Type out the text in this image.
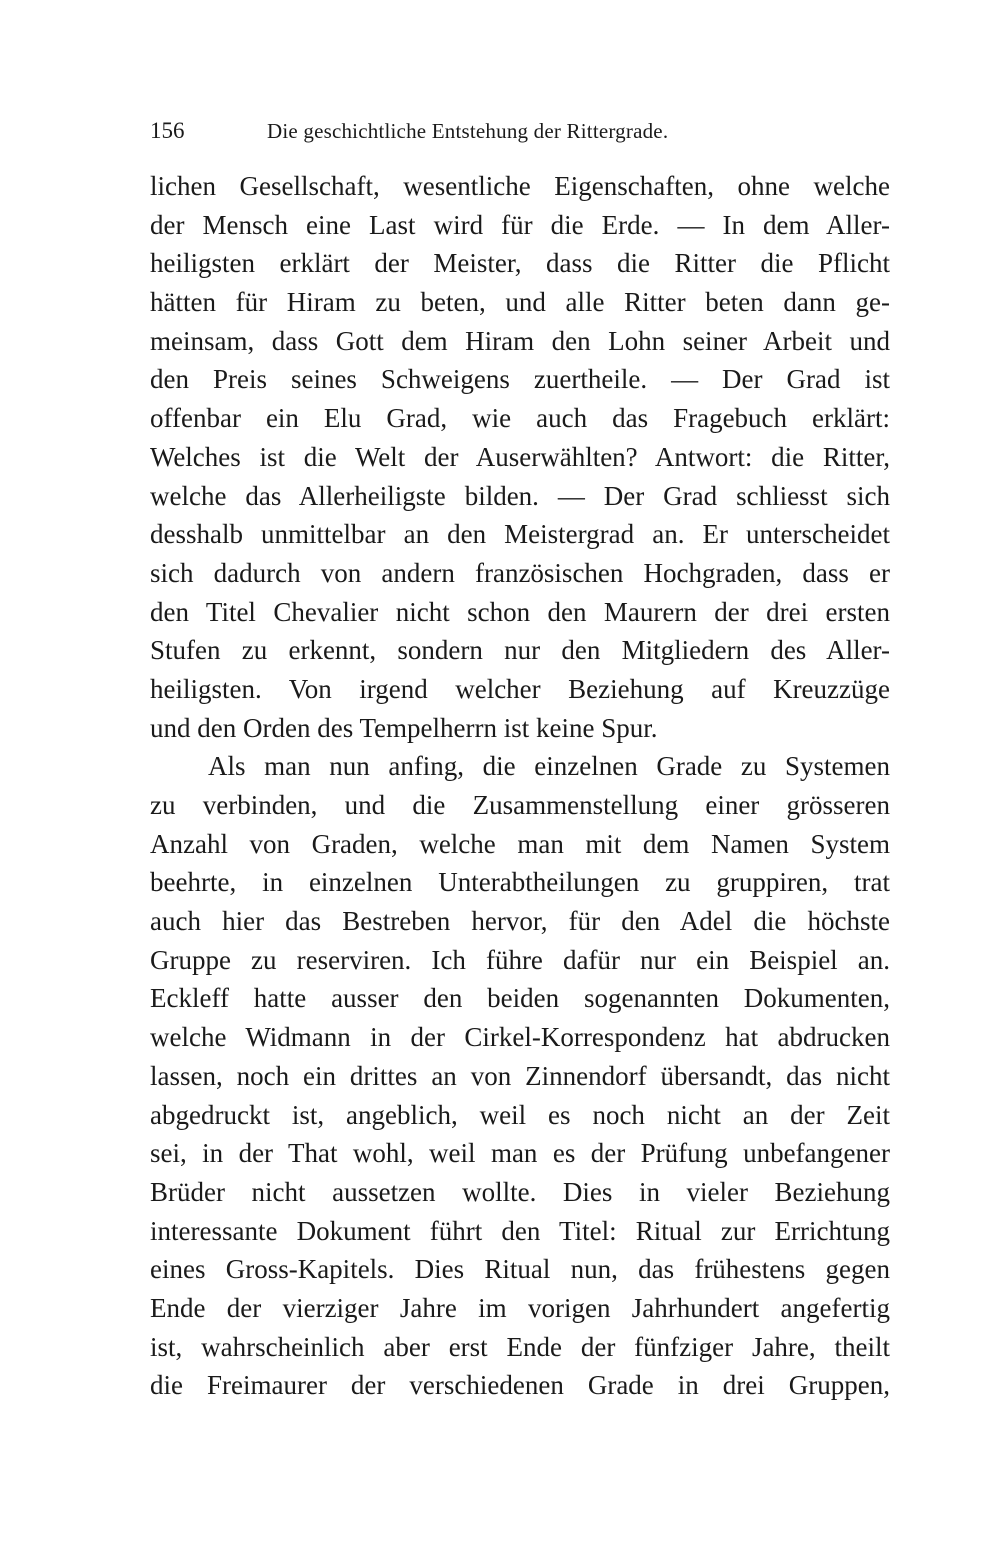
156	Die geschichtliche Entstehung der Rittergrade.
lichen Gesellschaft, wesentliche Eigenschaften, ohne welche
der Mensch eine Last wird für die Erde. — In dem Aller-
heiligsten erklärt der Meister, dass die Ritter die Pflicht
hätten für Hiram zu beten, und alle Ritter beten dann ge-
meinsam, dass Gott dem Hiram den Lohn seiner Arbeit und
den Preis seines Schweigens zuertheile. — Der Grad ist
offenbar ein Elu Grad, wie auch das Fragebuch erklärt:
Welches ist die Welt der Auserwählten? Antwort: die Ritter,
welche das Allerheiligste bilden. — Der Grad schliesst sich
desshalb unmittelbar an den Meistergrad an. Er unterscheidet
sich dadurch von andern französischen Hochgraden, dass er
den Titel Chevalier nicht schon den Maurern der drei ersten
Stufen zu erkennt, sondern nur den Mitgliedern des Aller-
heiligsten. Von irgend welcher Beziehung auf Kreuzzüge
und den Orden des Tempelherrn ist keine Spur.
Als man nun anfing, die einzelnen Grade zu Systemen
zu verbinden, und die Zusammenstellung einer grösseren
Anzahl von Graden, welche man mit dem Namen System
beehrte, in einzelnen Unterabtheilungen zu gruppiren, trat
auch hier das Bestreben hervor, für den Adel die höchste
Gruppe zu reserviren. Ich führe dafür nur ein Beispiel an.
Eckleff hatte ausser den beiden sogenannten Dokumenten,
welche Widmann in der Cirkel-Korrespondenz hat abdrucken
lassen, noch ein drittes an von Zinnendorf übersandt, das nicht
abgedruckt ist, angeblich, weil es noch nicht an der Zeit
sei, in der That wohl, weil man es der Prüfung unbefangener
Brüder nicht aussetzen wollte. Dies in vieler Beziehung
interessante Dokument führt den Titel: Ritual zur Errichtung
eines Gross-Kapitels. Dies Ritual nun, das frühestens gegen
Ende der vierziger Jahre im vorigen Jahrhundert angefertig
ist, wahrscheinlich aber erst Ende der fünfziger Jahre, theilt
die Freimaurer der verschiedenen Grade in drei Gruppen,
